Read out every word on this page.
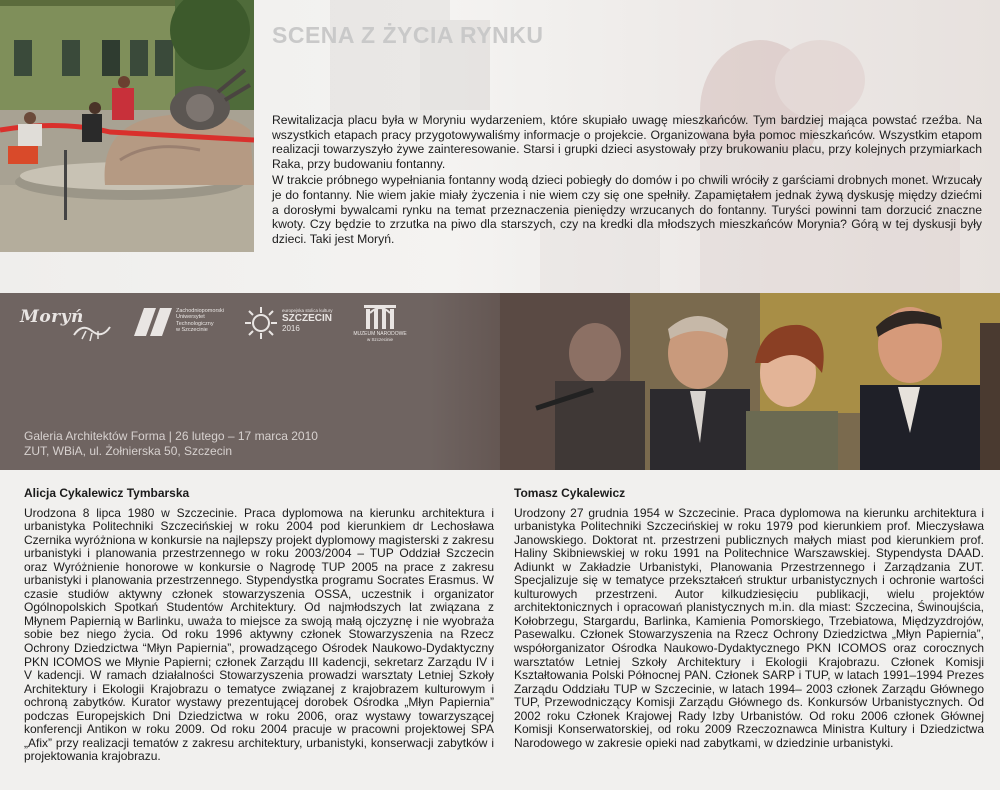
SCENA Z ŻYCIA RYNKU

Rewitalizacja placu była w Moryniu wydarzeniem, które skupiało uwagę mieszkańców. Tym bardziej mająca powstać rzeźba. Na wszystkich etapach pracy przygotowywaliśmy informacje o projekcie. Organizowana była pomoc mieszkańców. Wszystkim etapom realizacji towarzyszyło żywe zainteresowanie. Starsi i grupki dzieci asystowały przy brukowaniu placu, przy kolejnych przymiarkach Raka, przy budowaniu fontanny.

W trakcie próbnego wypełniania fontanny wodą dzieci pobiegły do domów i po chwili wróciły z garściami drobnych monet. Wrzucały je do fontanny. Nie wiem jakie miały życzenia i nie wiem czy się one spełniły. Zapamiętałem jednak żywą dyskusję między dziećmi a dorosłymi bywalcami rynku na temat przeznaczenia pieniędzy wrzucanych do fontanny. Turyści powinni tam dorzucić znaczne kwoty. Czy będzie to zrzutka na piwo dla starszych, czy na kredki dla młodszych mieszkańców Morynia? Górą w tej dyskusji były dzieci. Taki jest Moryń.

Moryń	Zachodniopomorski
Uniwersytet
Technologiczny
w Szczecinie
europejska stolica kultury
SZCZECIN
2016
MUZEUM NARODOWE
w Szczecinie
Galeria Architektów Forma | 26 lutego – 17 marca 2010
ZUT, WBiA, ul. Żołnierska 50, Szczecin
Alicja Cykalewicz Tymbarska

Urodzona 8 lipca 1980 w Szczecinie. Praca dyplomowa na kierunku architektura i urbanistyka Politechniki Szczecińskiej w roku 2004 pod kierunkiem dr Lechosława Czernika wyróżniona w konkursie na najlepszy projekt dyplomowy magisterski z zakresu urbanistyki i planowania przestrzennego w roku 2003/2004 – TUP Oddział Szczecin oraz Wyróżnienie honorowe w konkursie o Nagrodę TUP 2005 na prace z zakresu urbanistyki i planowania przestrzennego. Stypendystka programu Socrates Erasmus. W czasie studiów aktywny członek stowarzyszenia OSSA, uczestnik i organizator Ogólnopolskich Spotkań Studentów Architektury. Od najmłodszych lat związana z Młynem Papiernią w Barlinku, uważa to miejsce za swoją małą ojczyznę i nie wyobraża sobie bez niego życia. Od roku 1996 aktywny członek Stowarzyszenia na Rzecz Ochrony Dziedzictwa “Młyn Papiernia”, prowadzącego Ośrodek Naukowo-Dydaktyczny PKN ICOMOS we Młynie Papierni; członek Zarządu III kadencji, sekretarz Zarządu IV i V kadencji. W ramach działalności Stowarzyszenia prowadzi warsztaty Letniej Szkoły Architektury i Ekologii Krajobrazu o tematyce związanej z krajobrazem kulturowym i ochroną zabytków. Kurator wystawy prezentującej dorobek Ośrodka „Młyn Papiernia” podczas Europejskich Dni Dziedzictwa w roku 2006, oraz wystawy towarzyszącej konferencji Antikon w roku 2009. Od roku 2004 pracuje w pracowni projektowej SPA „Afix” przy realizacji tematów z zakresu architektury, urbanistyki, konserwacji zabytków i projektowania krajobrazu.

Tomasz Cykalewicz

Urodzony 27 grudnia 1954 w Szczecinie. Praca dyplomowa na kierunku architektura i urbanistyka Politechniki Szczecińskiej w roku 1979 pod kierunkiem prof. Mieczysława Janowskiego. Doktorat nt. przestrzeni publicznych małych miast pod kierunkiem prof. Haliny Skibniewskiej w roku 1991 na Politechnice Warszawskiej. Stypendysta DAAD. Adiunkt w Zakładzie Urbanistyki, Planowania Przestrzennego i Zarządzania ZUT. Specjalizuje się w tematyce przekształceń struktur urbanistycznych i ochronie wartości kulturowych przestrzeni. Autor kilkudziesięciu publikacji, wielu projektów architektonicznych i opracowań planistycznych m.in. dla miast: Szczecina, Świnoujścia, Kołobrzegu, Stargardu, Barlinka, Kamienia Pomorskiego, Trzebiatowa, Międzyzdrojów, Pasewalku. Członek Stowarzyszenia na Rzecz Ochrony Dziedzictwa „Młyn Papiernia”, współorganizator Ośrodka Naukowo-Dydaktycznego PKN ICOMOS oraz corocznych warsztatów Letniej Szkoły Architektury i Ekologii Krajobrazu. Członek Komisji Kształtowania Polski Północnej PAN. Członek SARP i TUP, w latach 1991–1994 Prezes Zarządu Oddziału TUP w Szczecinie, w latach 1994– 2003 członek Zarządu Głównego TUP, Przewodniczący Komisji Zarządu Głównego ds. Konkursów Urbanistycznych. Od 2002 roku Członek Krajowej Rady Izby Urbanistów. Od roku 2006 członek Głównej Komisji Konserwatorskiej, od roku 2009 Rzeczoznawca Ministra Kultury i Dziedzictwa Narodowego w zakresie opieki nad zabytkami, w dziedzinie urbanistyki.
